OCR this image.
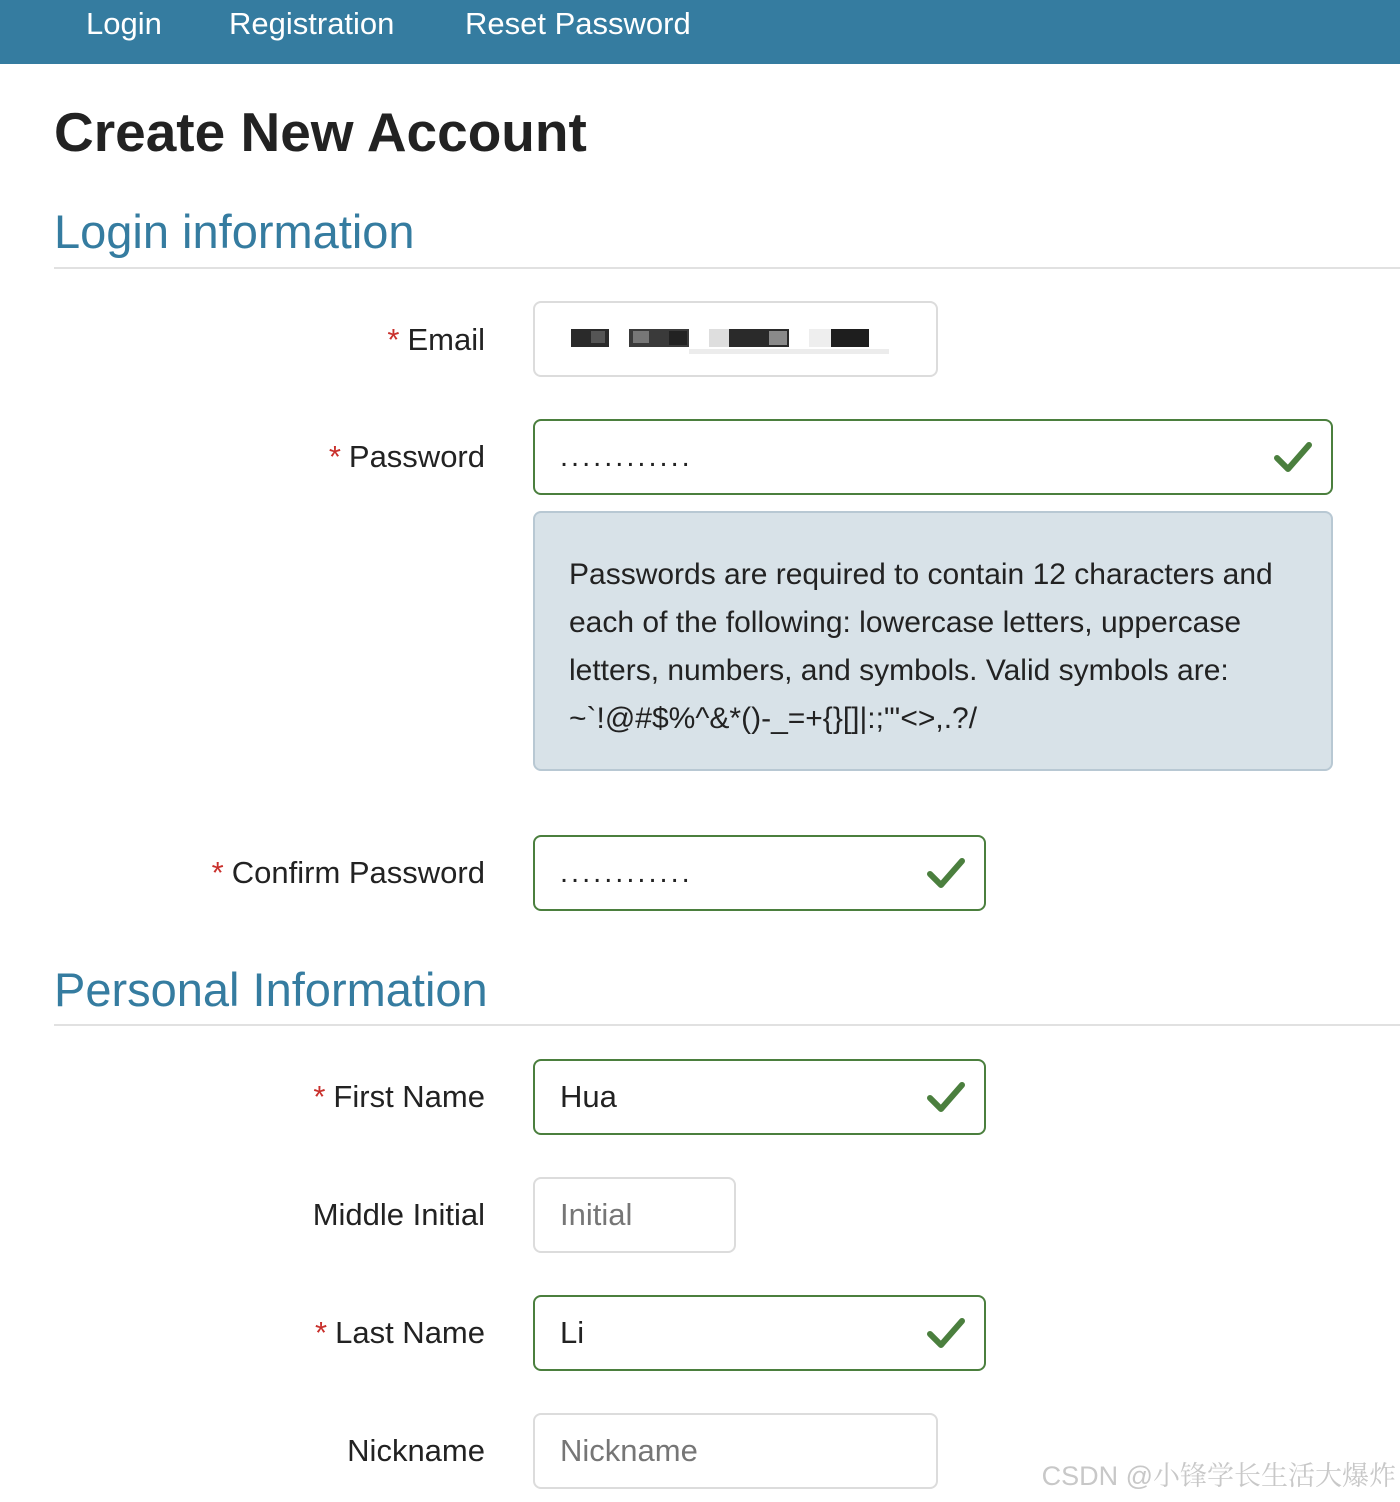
Login Registration Reset Password
Create New Account
Login information
* Email
* Password
............
Passwords are required to contain 12 characters and each of the following: lowercase letters, uppercase letters, numbers, and symbols. Valid symbols are: ~`!@#$%^&*()-_=+{}[]|:;"'<>,.?/
* Confirm Password
............
Personal Information
* First Name
Hua
Middle Initial
Initial
* Last Name
Li
Nickname
Nickname
CSDN @小锋学长生活大爆炸
